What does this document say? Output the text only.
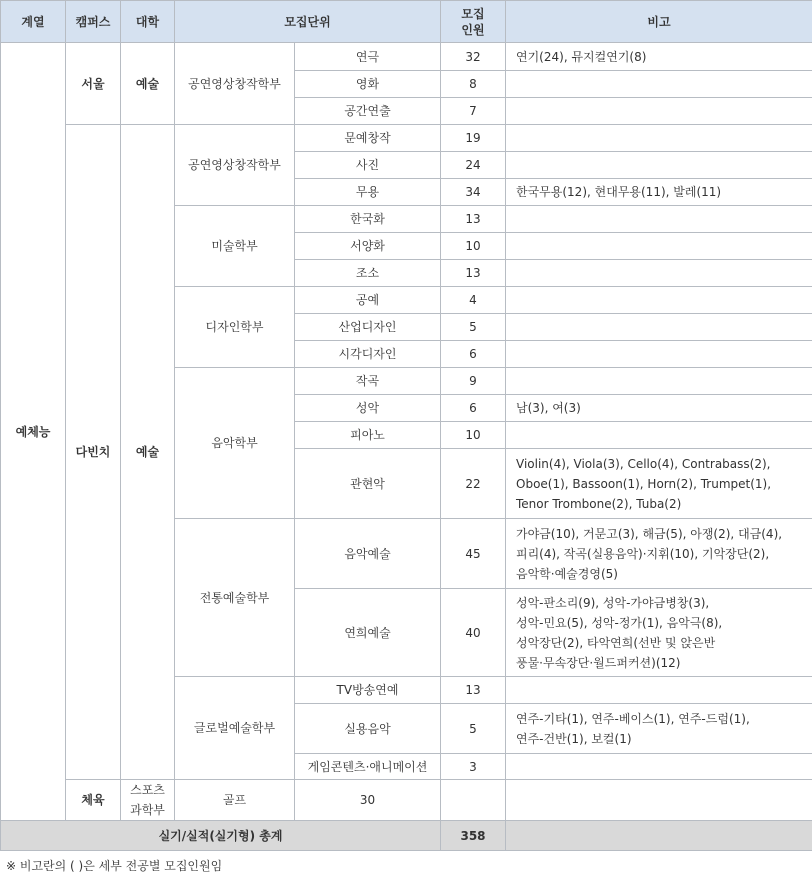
계열	캠퍼스	대학	모집단위		모집
인원	비고
예체능	서울	예술	공연영상창작학부	연극	32	연기(24), 뮤지컬연기(8)
				영화	8	
				공간연출	7	
	다빈치	예술	공연영상창작학부	문예창작	19	
				사진	24	
				무용	34	한국무용(12), 현대무용(11), 발레(11)
			미술학부	한국화	13	
				서양화	10	
				조소	13	
			디자인학부	공예	4	
				산업디자인	5	
				시각디자인	6	
			음악학부	작곡	9	
				성악	6	남(3), 여(3)
				피아노	10	
				관현악	22	Violin(4), Viola(3), Cello(4), Contrabass(2),
Oboe(1), Bassoon(1), Horn(2), Trumpet(1),
Tenor Trombone(2), Tuba(2)
			전통예술학부	음악예술	45	가야금(10), 거문고(3), 해금(5), 아쟁(2), 대금(4),
피리(4), 작곡(실용음악)·지휘(10), 기악장단(2),
음악학·예술경영(5)
				연희예술	40	성악-판소리(9), 성악-가야금병창(3),
성악-민요(5), 성악-정가(1), 음악극(8),
성악장단(2), 타악연희(선반 및 앉은반
풍물·무속장단·월드퍼커션)(12)
			글로벌예술학부	TV방송연예	13	
				실용음악	5	연주-기타(1), 연주-베이스(1), 연주-드럼(1),
연주-건반(1), 보컬(1)
				게임콘텐츠·애니메이션	3	
	체육	스포츠과학부	골프	30		
실기/실적(실기형) 총계					358	
※ 비고란의 ( )은 세부 전공별 모집인원임
